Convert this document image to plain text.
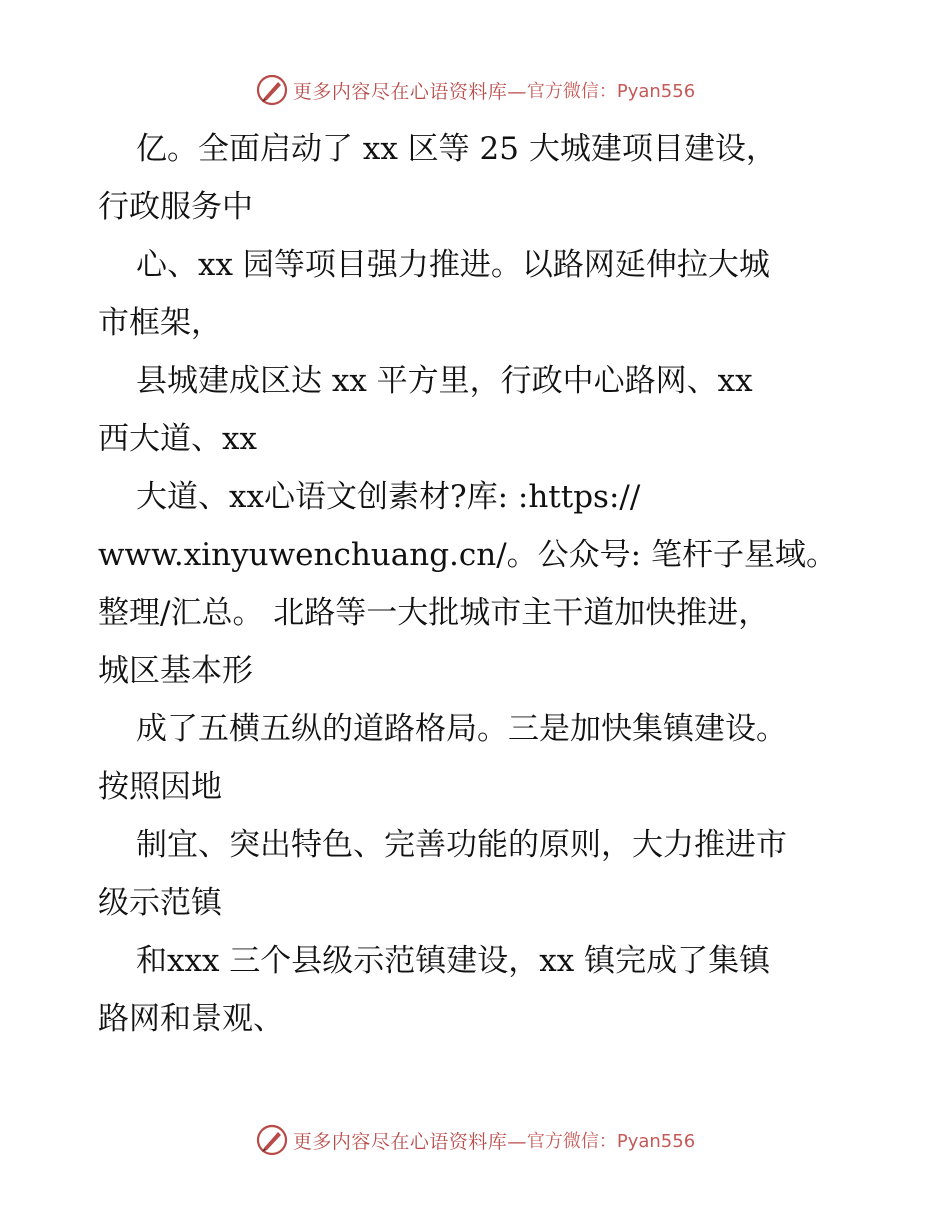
更多内容尽在心语资料库— 官方微信：Pyan556
亿。全面启动了 xx 区等 25 大城建项目建设，
行政服务中
心、xx 园等项目强力推进。以路网延伸拉大城
市框架，
县城建成区达 xx 平方里，行政中心路网、xx
西大道、xx
大道、xx心语文创素材?库: :https://
www.xinyuwenchuang.cn/。公众号: 笔杆子星域。
整理/汇总。 北路等一大批城市主干道加快推进，
城区基本形
成了五横五纵的道路格局。三是加快集镇建设。
按照因地
制宜、突出特色、完善功能的原则，大力推进市
级示范镇
和xxx 三个县级示范镇建设，xx 镇完成了集镇
路网和景观、
更多内容尽在心语资料库— 官方微信：Pyan556
